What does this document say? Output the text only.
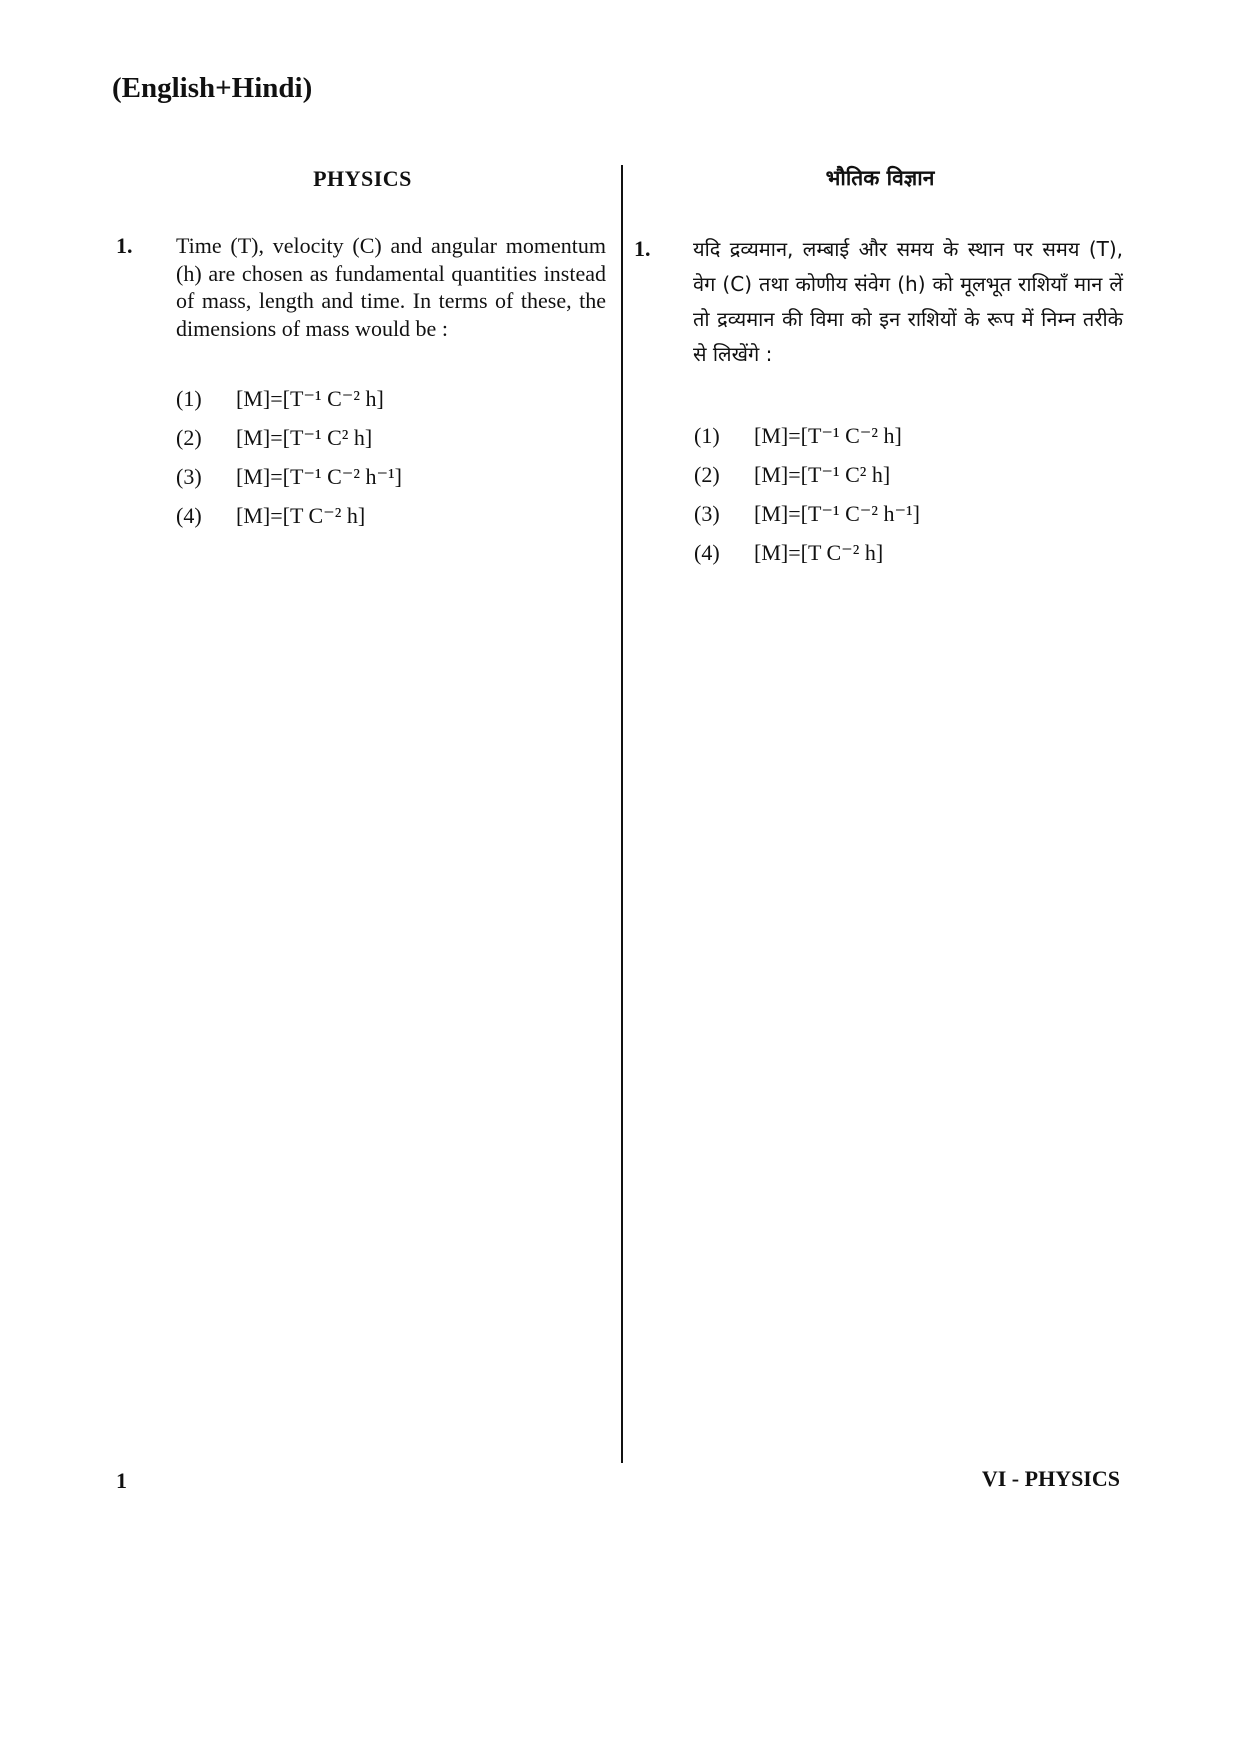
(English+Hindi)
PHYSICS
1. Time (T), velocity (C) and angular momentum (h) are chosen as fundamental quantities instead of mass, length and time. In terms of these, the dimensions of mass would be :
(1)	[M]=[T⁻¹ C⁻² h]
(2)	[M]=[T⁻¹ C² h]
(3)	[M]=[T⁻¹ C⁻² h⁻¹]
(4)	[M]=[T C⁻² h]
भौतिक विज्ञान
1. यदि द्रव्यमान, लम्बाई और समय के स्थान पर समय (T), वेग (C) तथा कोणीय संवेग (h) को मूलभूत राशियाँ मान लें तो द्रव्यमान की विमा को इन राशियों के रूप में निम्न तरीके से लिखेंगे :
(1)	[M]=[T⁻¹ C⁻² h]
(2)	[M]=[T⁻¹ C² h]
(3)	[M]=[T⁻¹ C⁻² h⁻¹]
(4)	[M]=[T C⁻² h]
1	VI - PHYSICS
